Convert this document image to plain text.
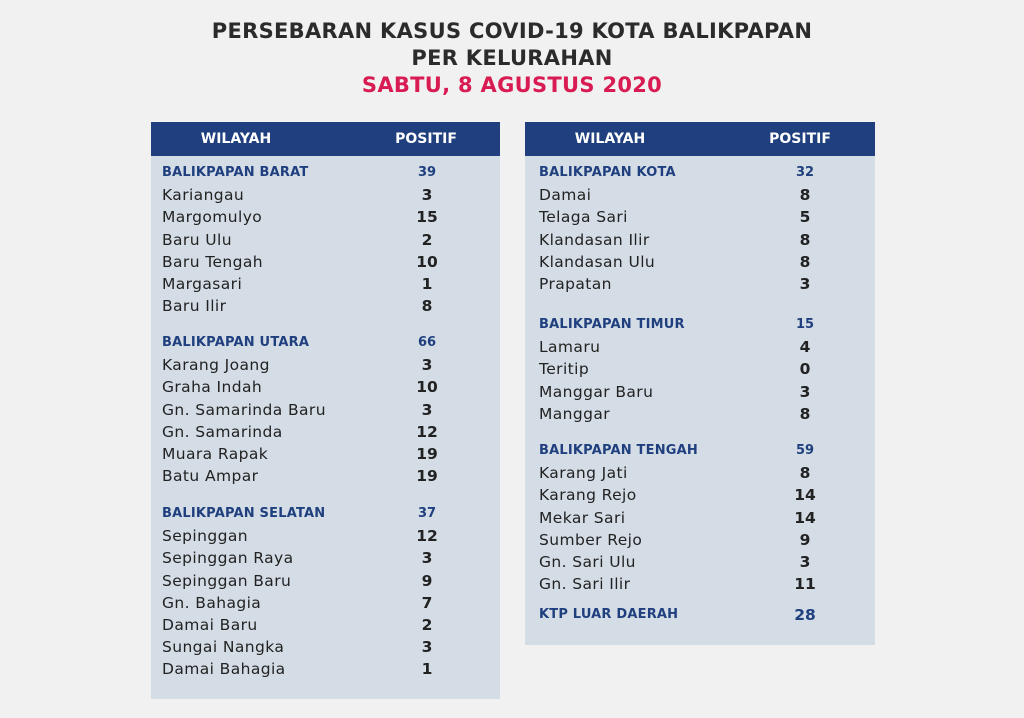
PERSEBARAN KASUS COVID-19 KOTA BALIKPAPAN
PER KELURAHAN
SABTU, 8 AGUSTUS 2020
WILAYAH	POSITIF
BALIKPAPAN BARAT	39
Kariangau	3
Margomulyo	15
Baru Ulu	2
Baru Tengah	10
Margasari	1
Baru Ilir	8
BALIKPAPAN UTARA	66
Karang Joang	3
Graha Indah	10
Gn. Samarinda Baru	3
Gn. Samarinda	12
Muara Rapak	19
Batu Ampar	19
BALIKPAPAN SELATAN	37
Sepinggan	12
Sepinggan Raya	3
Sepinggan Baru	9
Gn. Bahagia	7
Damai Baru	2
Sungai Nangka	3
Damai Bahagia	1
WILAYAH	POSITIF
BALIKPAPAN KOTA	32
Damai	8
Telaga Sari	5
Klandasan Ilir	8
Klandasan Ulu	8
Prapatan	3
BALIKPAPAN TIMUR	15
Lamaru	4
Teritip	0
Manggar Baru	3
Manggar	8
BALIKPAPAN TENGAH	59
Karang Jati	8
Karang Rejo	14
Mekar Sari	14
Sumber Rejo	9
Gn. Sari Ulu	3
Gn. Sari Ilir	11
KTP LUAR DAERAH	28
